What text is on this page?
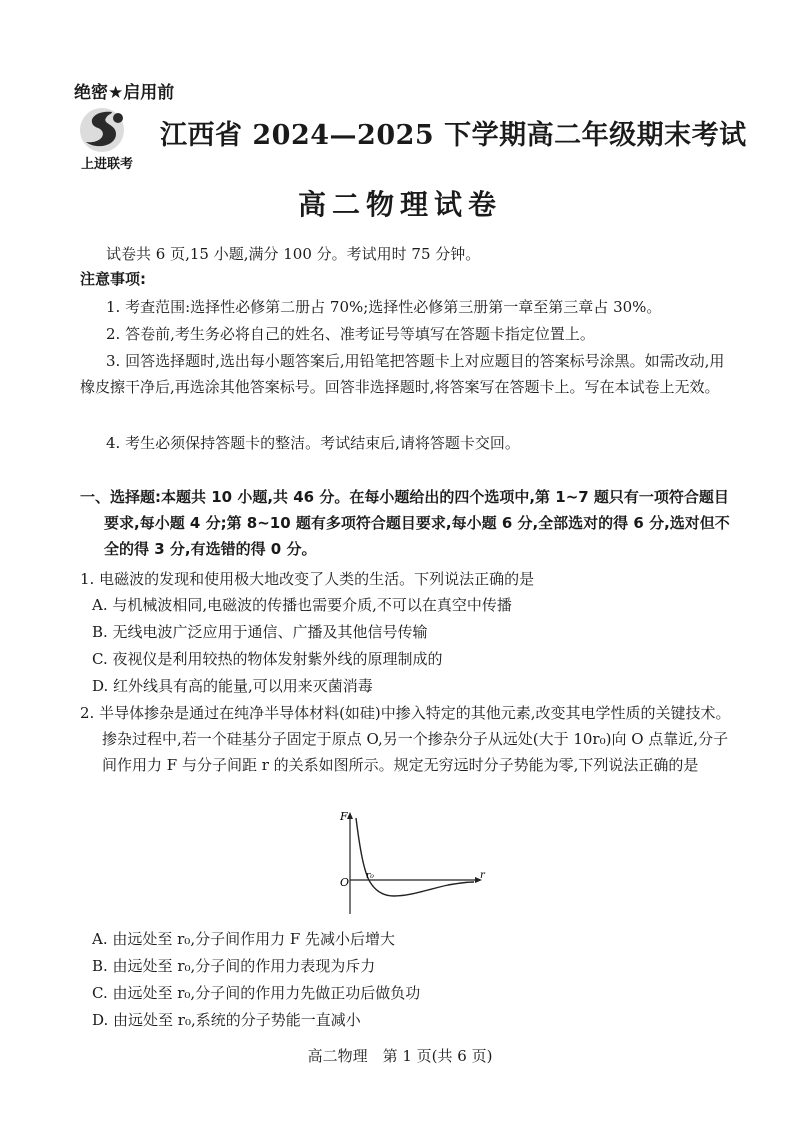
绝密★启用前
上进联考
江西省 2024—2025 下学期高二年级期末考试
高二物理试卷
试卷共 6 页,15 小题,满分 100 分。考试用时 75 分钟。
注意事项:
1. 考查范围:选择性必修第二册占 70%;选择性必修第三册第一章至第三章占 30%。
2. 答卷前,考生务必将自己的姓名、准考证号等填写在答题卡指定位置上。
3. 回答选择题时,选出每小题答案后,用铅笔把答题卡上对应题目的答案标号涂黑。如需改动,用橡皮擦干净后,再选涂其他答案标号。回答非选择题时,将答案写在答题卡上。写在本试卷上无效。
4. 考生必须保持答题卡的整洁。考试结束后,请将答题卡交回。
一、选择题:本题共 10 小题,共 46 分。在每小题给出的四个选项中,第 1~7 题只有一项符合题目要求,每小题 4 分;第 8~10 题有多项符合题目要求,每小题 6 分,全部选对的得 6 分,选对但不全的得 3 分,有选错的得 0 分。
1. 电磁波的发现和使用极大地改变了人类的生活。下列说法正确的是
A. 与机械波相同,电磁波的传播也需要介质,不可以在真空中传播
B. 无线电波广泛应用于通信、广播及其他信号传输
C. 夜视仪是利用较热的物体发射紫外线的原理制成的
D. 红外线具有高的能量,可以用来灭菌消毒
2. 半导体掺杂是通过在纯净半导体材料(如硅)中掺入特定的其他元素,改变其电学性质的关键技术。掺杂过程中,若一个硅基分子固定于原点 O,另一个掺杂分子从远处(大于 10r₀)向 O 点靠近,分子间作用力 F 与分子间距 r 的关系如图所示。规定无穷远时分子势能为零,下列说法正确的是
F
r
O r₀
A. 由远处至 r₀,分子间作用力 F 先减小后增大
B. 由远处至 r₀,分子间的作用力表现为斥力
C. 由远处至 r₀,分子间的作用力先做正功后做负功
D. 由远处至 r₀,系统的分子势能一直减小
高二物理　第 1 页(共 6 页)
